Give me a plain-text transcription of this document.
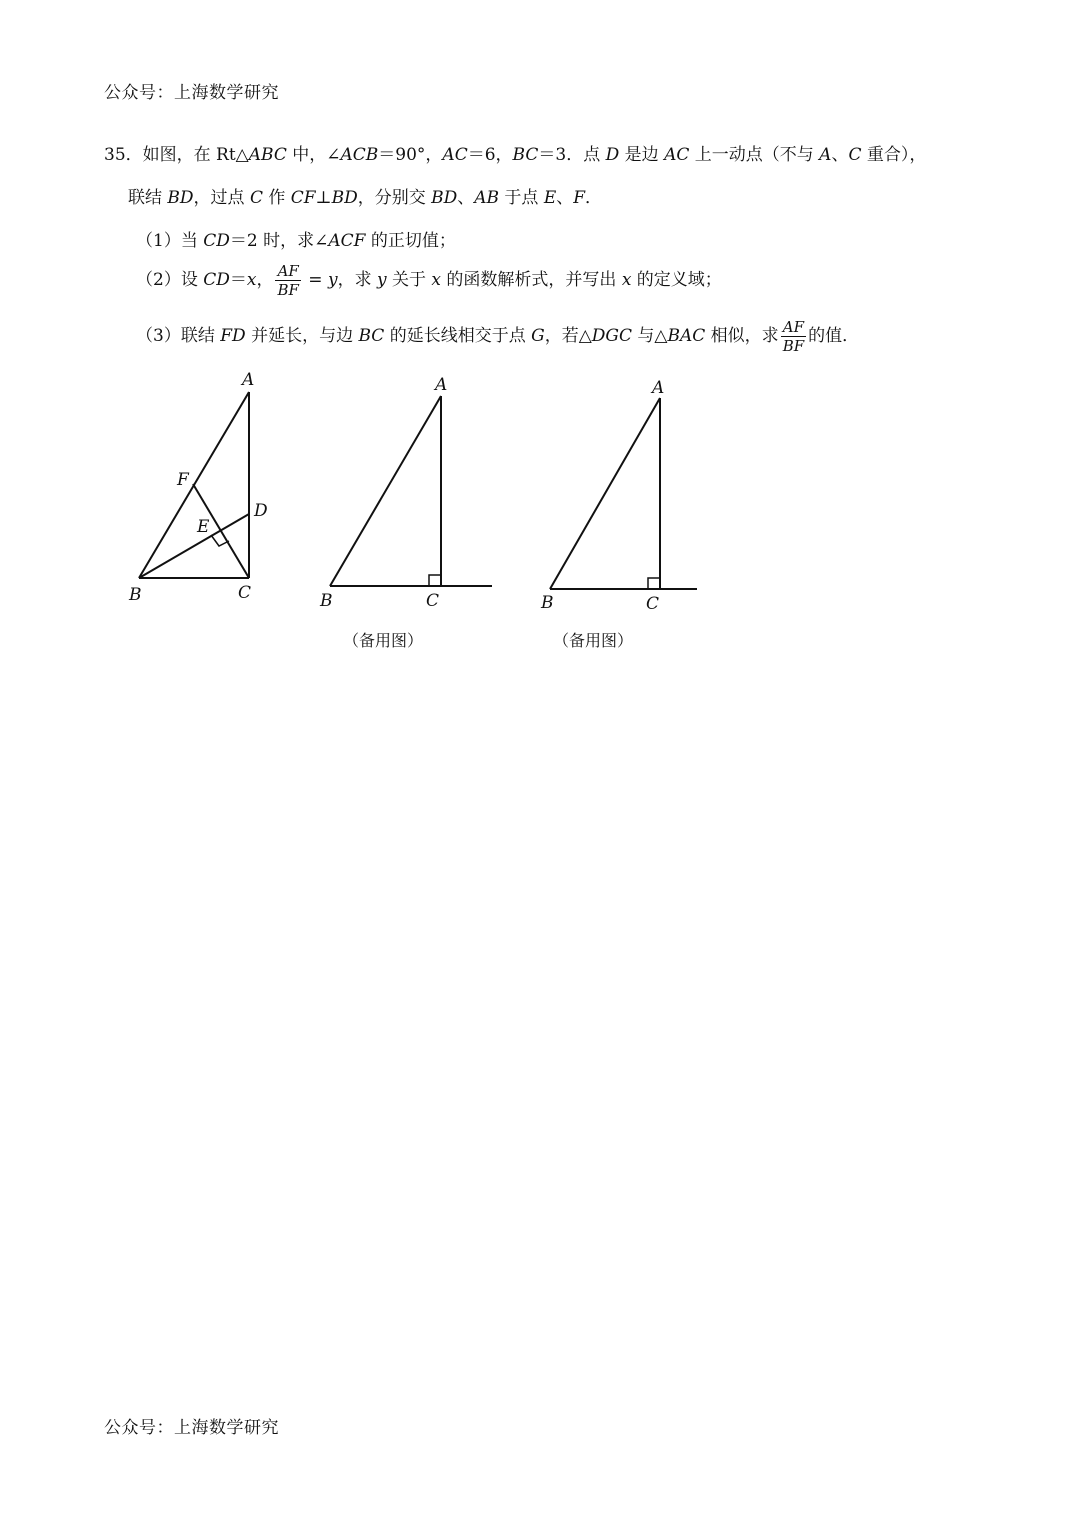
公众号：上海数学研究
35．如图，在 Rt△ABC 中，∠ACB＝90°，AC＝6，BC＝3．点 D 是边 AC 上一动点（不与 A、C 重合），
联结 BD，过点 C 作 CF⊥BD，分别交 BD、AB 于点 E、F．
（1）当 CD＝2 时，求∠ACF 的正切值；
（2）设 CD＝x， $\frac{AF}{BF} = y$，求 y 关于 x 的函数解析式，并写出 x 的定义域；
（3）联结 FD 并延长，与边 BC 的延长线相交于点 G，若△DGC 与△BAC 相似，求 $\frac{AF}{BF}$ 的值．
A
F
D
E
B	C
A
B	C
A
B	C
（备用图）	（备用图）
公众号：上海数学研究
